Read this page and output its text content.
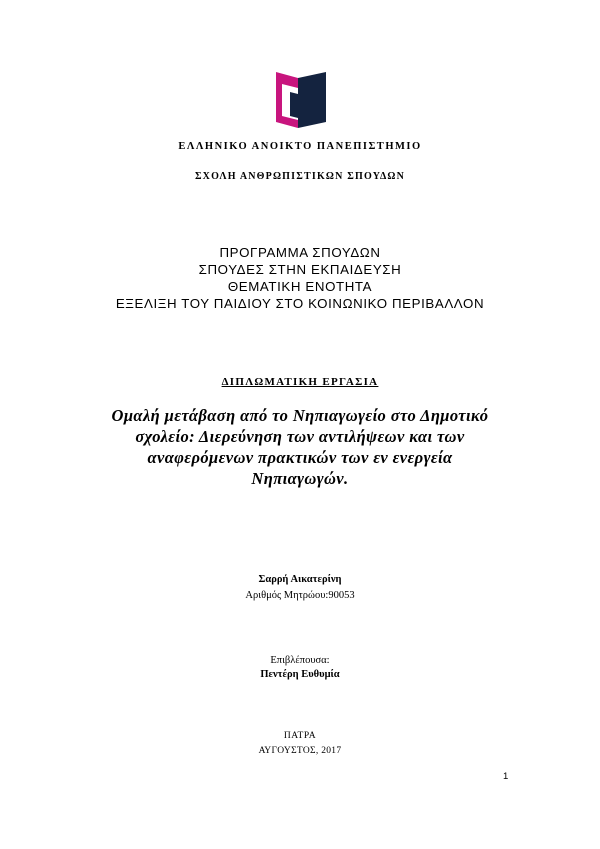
ΕΛΛΗΝΙΚΟ ΑΝΟΙΚΤΟ ΠΑΝΕΠΙΣΤΗΜΙΟ
ΣΧΟΛΗ ΑΝΘΡΩΠΙΣΤΙΚΩΝ ΣΠΟΥΔΩΝ
ΠΡΟΓΡΑΜΜΑ ΣΠΟΥΔΩΝ
ΣΠΟΥΔΕΣ ΣΤΗΝ ΕΚΠΑΙΔΕΥΣΗ
ΘΕΜΑΤΙΚΗ ΕΝΟΤΗΤΑ
ΕΞΕΛΙΞΗ ΤΟΥ ΠΑΙΔΙΟΥ ΣΤΟ ΚΟΙΝΩΝΙΚΟ ΠΕΡΙΒΑΛΛΟΝ
ΔΙΠΛΩΜΑΤΙΚΗ ΕΡΓΑΣΙΑ
Ομαλή μετάβαση από το Νηπιαγωγείο στο Δημοτικό
σχολείο: Διερεύνηση των αντιλήψεων και των
αναφερόμενων πρακτικών των εν ενεργεία
Νηπιαγωγών.
Σαρρή Αικατερίνη
Αριθμός Μητρώου:90053
Επιβλέπουσα:
Πεντέρη Ευθυμία
ΠΑΤΡΑ
ΑΥΓΟΥΣΤΟΣ, 2017
1
